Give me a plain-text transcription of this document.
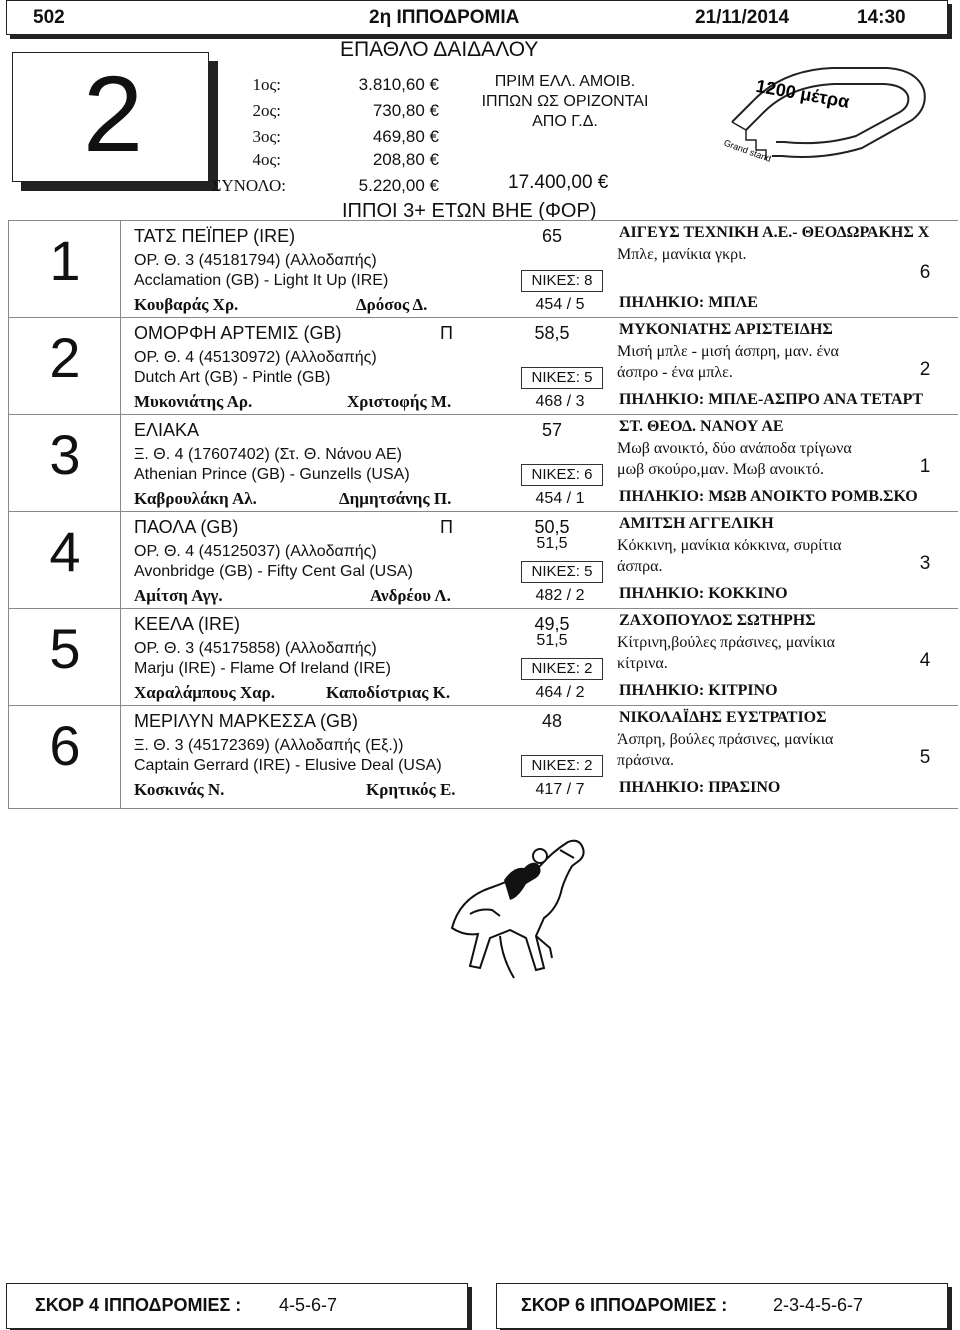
502	2η ΙΠΠΟΔΡΟΜΙΑ	21/11/2014	14:30
2
ΕΠΑΘΛΟ ΔΑΙΔΑΛΟΥ
1ος:	3.810,60 €
2ος:	730,80 €
3ος:	469,80 €
4ος:	208,80 €
ΣΥΝΟΛΟ:	5.220,00 €
ΠΡΙΜ ΕΛΛ. ΑΜΟΙΒ.
ΙΠΠΩΝ ΩΣ ΟΡΙΖΟΝΤΑΙ
ΑΠΟ Γ.Δ.
17.400,00 €
1200 μέτρα
Grand stand
ΙΠΠΟΙ 3+ ΕΤΩΝ ΒΗΕ (ΦΟΡ)
1	ΤΑΤΣ ΠΕΪΠΕΡ (IRE)	65
ΟΡ. Θ. 3 (45181794) (Αλλοδαπής)
Acclamation (GB) - Light It Up (IRE)	ΝΙΚΕΣ: 8
Κουβαράς Χρ.	Δρόσος Δ.	454 / 5
ΑΙΓΕΥΣ ΤΕΧΝΙΚΗ Α.Ε.- ΘΕΟΔΩΡΑΚΗΣ Χ
Μπλε, μανίκια γκρι.
ΠΗΛΗΚΙΟ: ΜΠΛΕ
6
2	ΟΜΟΡΦΗ ΑΡΤΕΜΙΣ (GB)	Π	58,5
ΟΡ. Θ. 4 (45130972) (Αλλοδαπής)
Dutch Art (GB) - Pintle (GB)	ΝΙΚΕΣ: 5
Μυκονιάτης Αρ.	Χριστοφής Μ.	468 / 3
ΜΥΚΟΝΙΑΤΗΣ ΑΡΙΣΤΕΙΔΗΣ
Μισή μπλε - μισή άσπρη, μαν. ένα άσπρο - ένα μπλε.
ΠΗΛΗΚΙΟ: ΜΠΛΕ-ΑΣΠΡΟ ΑΝΑ ΤΕΤΑΡΤ
2
3	ΕΛΙΑΚΑ	57
Ξ. Θ. 4 (17607402) (Στ. Θ. Νάνου ΑΕ)
Athenian Prince (GB) - Gunzells (USA)	ΝΙΚΕΣ: 6
Καβρουλάκη Αλ.	Δημητσάνης Π.	454 / 1
ΣΤ. ΘΕΟΔ. ΝΑΝΟΥ ΑΕ
Μωβ ανοικτό, δύο ανάποδα τρίγωνα μωβ σκούρο,μαν. Μωβ ανοικτό.
ΠΗΛΗΚΙΟ: ΜΩΒ ΑΝΟΙΚΤΟ ΡΟΜΒ.ΣΚΟ
1
4	ΠΑΟΛΑ (GB)	Π	50,5
51,5
ΟΡ. Θ. 4 (45125037) (Αλλοδαπής)
Avonbridge (GB) - Fifty Cent Gal (USA)	ΝΙΚΕΣ: 5
Αμίτση Αγγ.	Ανδρέου Λ.	482 / 2
ΑΜΙΤΣΗ ΑΓΓΕΛΙΚΗ
Κόκκινη, μανίκια κόκκινα, συρίτια άσπρα.
ΠΗΛΗΚΙΟ: ΚΟΚΚΙΝΟ
3
5	ΚΕΕΛΑ (IRE)	49,5
51,5
ΟΡ. Θ. 3 (45175858) (Αλλοδαπής)
Marju (IRE) - Flame Of Ireland (IRE)	ΝΙΚΕΣ: 2
Χαραλάμπους Χαρ.	Καποδίστριας Κ.	464 / 2
ΖΑΧΟΠΟΥΛΟΣ ΣΩΤΗΡΗΣ
Κίτρινη,βούλες πράσινες, μανίκια κίτρινα.
ΠΗΛΗΚΙΟ: ΚΙΤΡΙΝΟ
4
6	ΜΕΡΙΛΥΝ ΜΑΡΚΕΣΣΑ (GB)	48
Ξ. Θ. 3 (45172369) (Αλλοδαπής (Εξ.))
Captain Gerrard (IRE) - Elusive Deal (USA)	ΝΙΚΕΣ: 2
Κοσκινάς Ν.	Κρητικός Ε.	417 / 7
ΝΙΚΟΛΑΪΔΗΣ ΕΥΣΤΡΑΤΙΟΣ
Άσπρη, βούλες πράσινες, μανίκια πράσινα.
ΠΗΛΗΚΙΟ: ΠΡΑΣΙΝΟ
5
ΣΚΟΡ 4 ΙΠΠΟΔΡΟΜΙΕΣ : 4-5-6-7	ΣΚΟΡ 6 ΙΠΠΟΔΡΟΜΙΕΣ :	2-3-4-5-6-7
